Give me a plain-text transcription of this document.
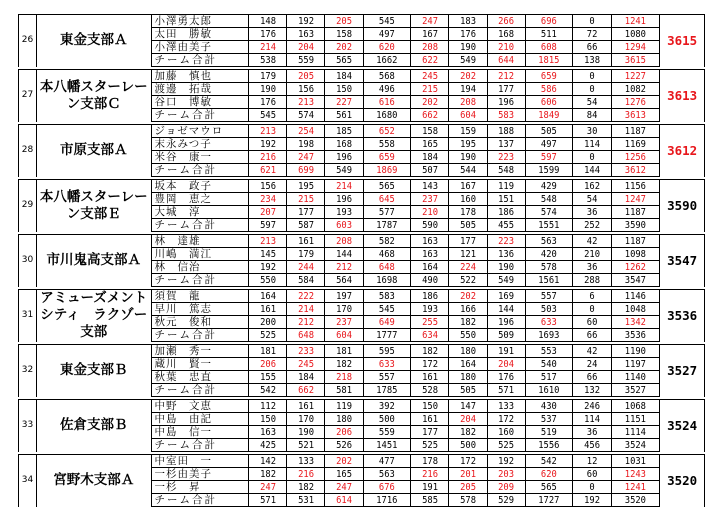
26	東金支部Ａ	小澤勇太郎	148	192	205	545	247	183	266	696	0	1241	3615
		太田　勝敏	176	163	158	497	167	176	168	511	72	1080	
		小澤由美子	214	204	202	620	208	190	210	608	66	1294	
		チーム合計	538	559	565	1662	622	549	644	1815	138	3615	

27	本八幡スターレーン支部Ｃ	加藤　慎也	179	205	184	568	245	202	212	659	0	1227	3613
		渡邊　拓哉	190	156	150	496	215	194	177	586	0	1082	
		谷口　博敏	176	213	227	616	202	208	196	606	54	1276	
		チーム合計	545	574	561	1680	662	604	583	1849	84	3613	

28	市原支部Ａ	ジョゼマウロ	213	254	185	652	158	159	188	505	30	1187	3612
		末永みつ子	192	198	168	558	165	195	137	497	114	1169	
		米谷　康一	216	247	196	659	184	190	223	597	0	1256	
		チーム合計	621	699	549	1869	507	544	548	1599	144	3612	

29	本八幡スターレーン支部Ｅ	坂本　政子	156	195	214	565	143	167	119	429	162	1156	3590
		豊岡　恵之	234	215	196	645	237	160	151	548	54	1247	
		大城　淳	207	177	193	577	210	178	186	574	36	1187	
		チーム合計	597	587	603	1787	590	505	455	1551	252	3590	

30	市川鬼高支部Ａ	林　達雄	213	161	208	582	163	177	223	563	42	1187	3547
		川嶋　満江	145	179	144	468	163	121	136	420	210	1098	
		林　信治	192	244	212	648	164	224	190	578	36	1262	
		チーム合計	550	584	564	1698	490	522	549	1561	288	3547	

31	アミューズメントシティ　ラクゾー支部	須賀　龍	164	222	197	583	186	202	169	557	6	1146	3536
		早川　篤志	161	214	170	545	193	166	144	503	0	1048	
		秋元　俊和	200	212	237	649	255	182	196	633	60	1342	
		チーム合計	525	648	604	1777	634	550	509	1693	66	3536	

32	東金支部Ｂ	加瀬　秀一	181	233	181	595	182	180	191	553	42	1190	3527
		蔵川　賢一	206	245	182	633	172	164	204	540	24	1197	
		秋葉　忠直	155	184	218	557	161	180	176	517	66	1140	
		チーム合計	542	662	581	1785	528	505	571	1610	132	3527	

33	佐倉支部Ｂ	中野　文恵	112	161	119	392	150	147	133	430	246	1068	3524
		中島　由記	150	170	180	500	161	204	172	537	114	1151	
		中島　信一	163	190	206	559	177	182	160	519	36	1114	
		チーム合計	425	521	526	1451	525	500	525	1556	456	3524	

34	宮野木支部Ａ	中室田　一	142	133	202	477	178	172	192	542	12	1031	3520
		一杉由美子	182	216	165	563	216	201	203	620	60	1243	
		一杉　昇	247	182	247	676	191	205	209	565	0	1241	
		チーム合計	571	531	614	1716	585	578	529	1727	192	3520	
